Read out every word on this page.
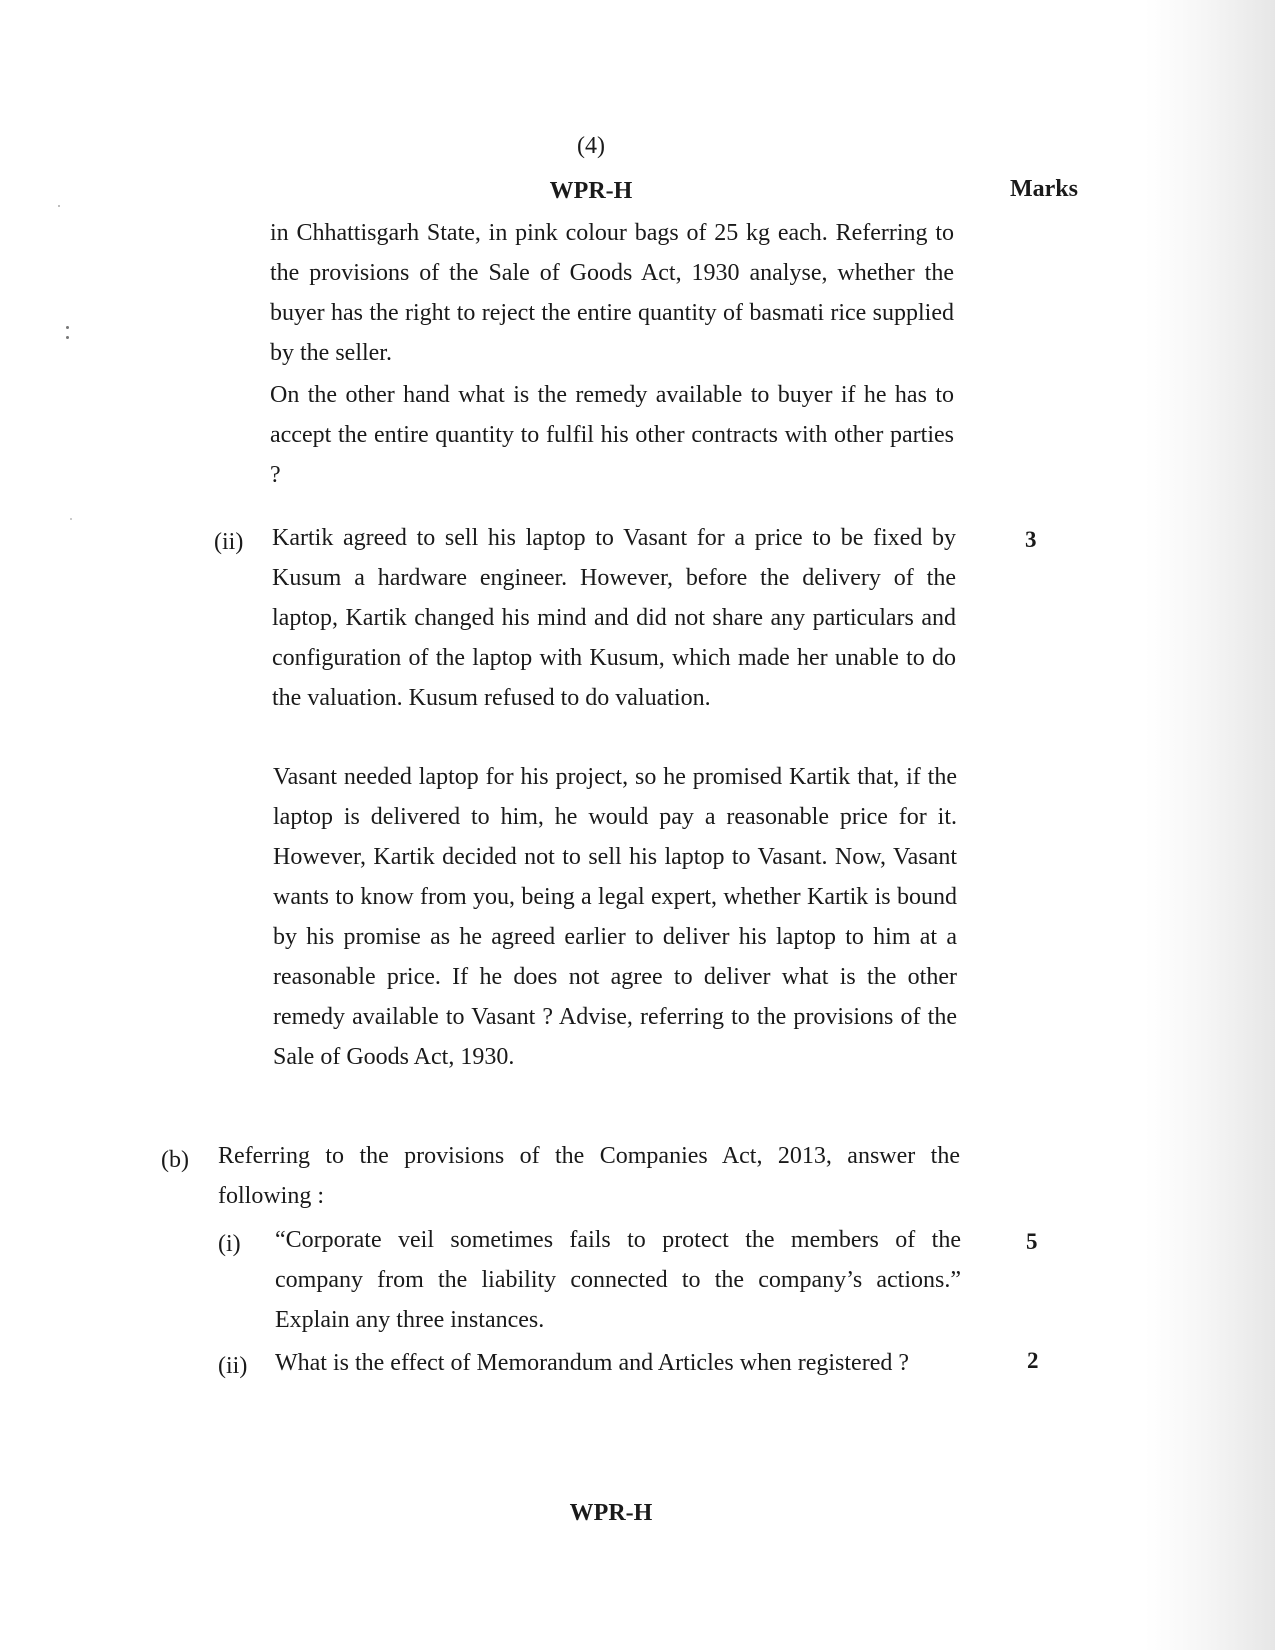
(4)
WPR-H	Marks

in Chhattisgarh State, in pink colour bags of 25 kg each. Referring to the provisions of the Sale of Goods Act, 1930 analyse, whether the buyer has the right to reject the entire quantity of basmati rice supplied by the seller.

On the other hand what is the remedy available to buyer if he has to accept the entire quantity to fulfil his other contracts with other parties ?

(ii)	3

Kartik agreed to sell his laptop to Vasant for a price to be fixed by Kusum a hardware engineer. However, before the delivery of the laptop, Kartik changed his mind and did not share any particulars and configuration of the laptop with Kusum, which made her unable to do the valuation. Kusum refused to do valuation.

Vasant needed laptop for his project, so he promised Kartik that, if the laptop is delivered to him, he would pay a reasonable price for it. However, Kartik decided not to sell his laptop to Vasant. Now, Vasant wants to know from you, being a legal expert, whether Kartik is bound by his promise as he agreed earlier to deliver his laptop to him at a reasonable price. If he does not agree to deliver what is the other remedy available to Vasant ? Advise, referring to the provisions of the Sale of Goods Act, 1930.

(b) Referring to the provisions of the Companies Act, 2013, answer the following :

(i)	5

“Corporate veil sometimes fails to protect the members of the company from the liability connected to the company’s actions.” Explain any three instances.

(ii)	2

What is the effect of Memorandum and Articles when registered ?

WPR-H
